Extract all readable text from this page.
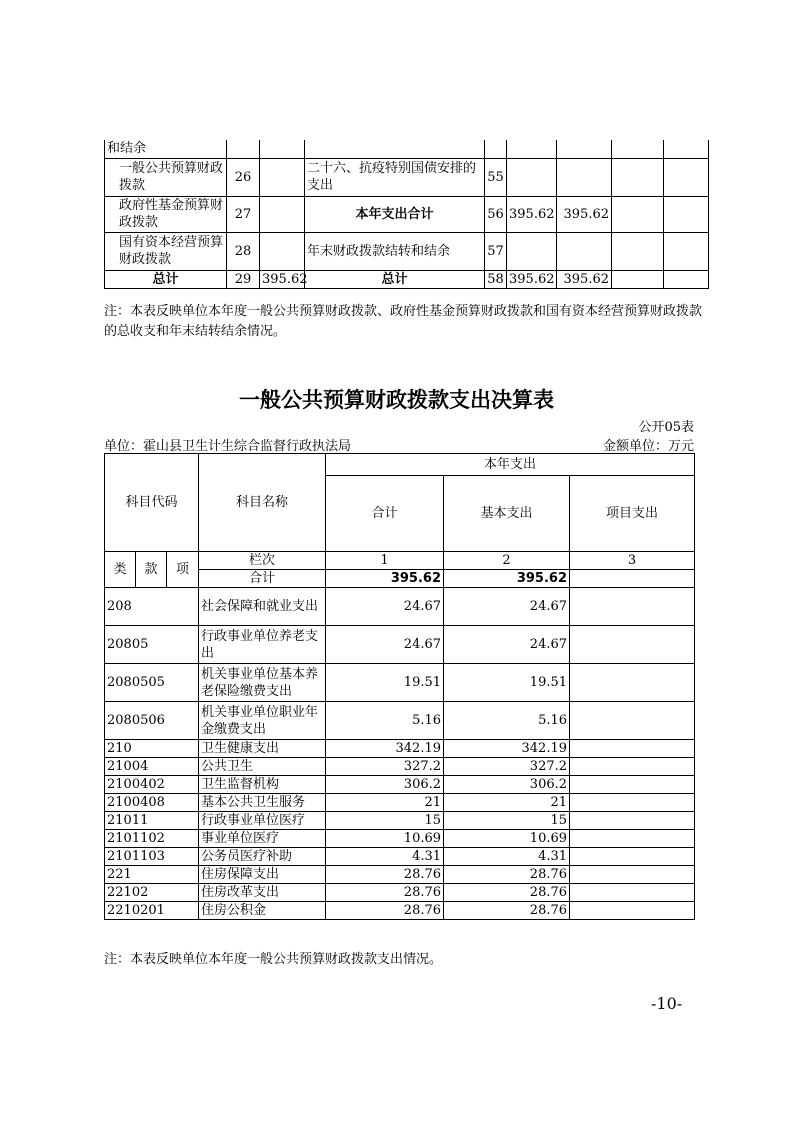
和结余								
一般公共预算财政拨款	26		二十六、抗疫特别国债安排的支出	55				
政府性基金预算财政拨款	27		本年支出合计	56	395.62	395.62		
国有资本经营预算财政拨款	28		年末财政拨款结转和结余	57				
总计	29	395.62	总计	58	395.62	395.62		
注：本表反映单位本年度一般公共预算财政拨款、政府性基金预算财政拨款和国有资本经营预算财政拨款的总收支和年末结转结余情况。
一般公共预算财政拨款支出决算表
公开05表
单位：霍山县卫生计生综合监督行政执法局	金额单位：万元
科目代码			科目名称	本年支出		
				合计	基本支出	项目支出
类	款	项	栏次	1	2	3
			合计	395.62	395.62	
208			社会保障和就业支出	24.67	24.67	
20805			行政事业单位养老支出	24.67	24.67	
2080505			机关事业单位基本养老保险缴费支出	19.51	19.51	
2080506			机关事业单位职业年金缴费支出	5.16	5.16	
210			卫生健康支出	342.19	342.19	
21004			公共卫生	327.2	327.2	
2100402			卫生监督机构	306.2	306.2	
2100408			基本公共卫生服务	21	21	
21011			行政事业单位医疗	15	15	
2101102			事业单位医疗	10.69	10.69	
2101103			公务员医疗补助	4.31	4.31	
221			住房保障支出	28.76	28.76	
22102			住房改革支出	28.76	28.76	
2210201			住房公积金	28.76	28.76	
注：本表反映单位本年度一般公共预算财政拨款支出情况。
-10-
